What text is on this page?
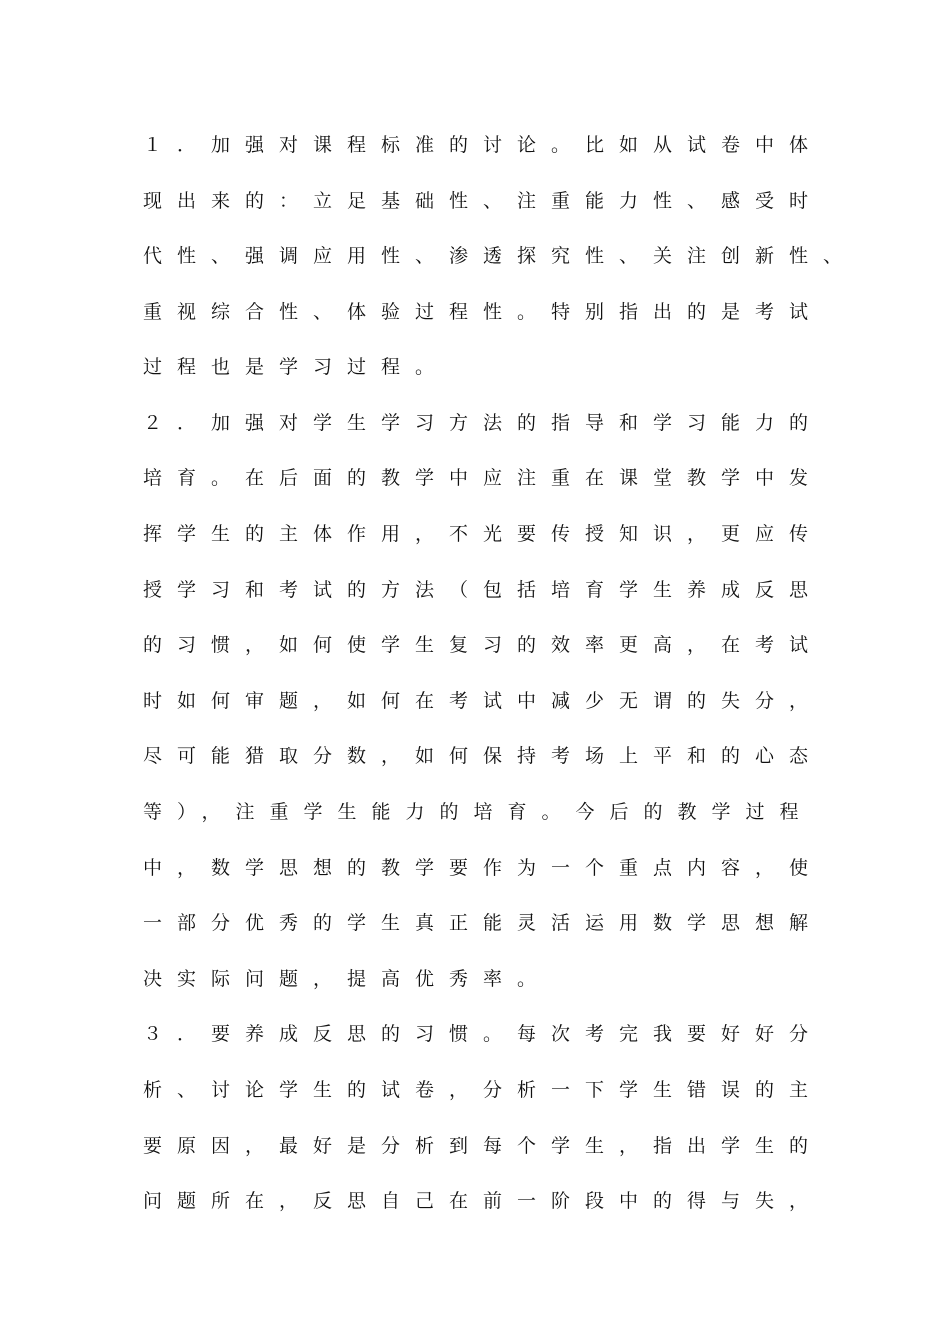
１．加强对课程标准的讨论。比如从试卷中体
现出来的：立足基础性、注重能力性、感受时
代性、强调应用性、渗透探究性、关注创新性、
重视综合性、体验过程性。特别指出的是考试
过程也是学习过程。
２．加强对学生学习方法的指导和学习能力的
培育。在后面的教学中应注重在课堂教学中发
挥学生的主体作用，不光要传授知识，更应传
授学习和考试的方法（包括培育学生养成反思
的习惯，如何使学生复习的效率更高，在考试
时如何审题，如何在考试中减少无谓的失分，
尽可能猎取分数，如何保持考场上平和的心态
等），注重学生能力的培育。今后的教学过程
中，数学思想的教学要作为一个重点内容，使
一部分优秀的学生真正能灵活运用数学思想解
决实际问题，提高优秀率。
３．要养成反思的习惯。每次考完我要好好分
析、讨论学生的试卷，分析一下学生错误的主
要原因，最好是分析到每个学生，指出学生的
问题所在，反思自己在前一阶段中的得与失，
